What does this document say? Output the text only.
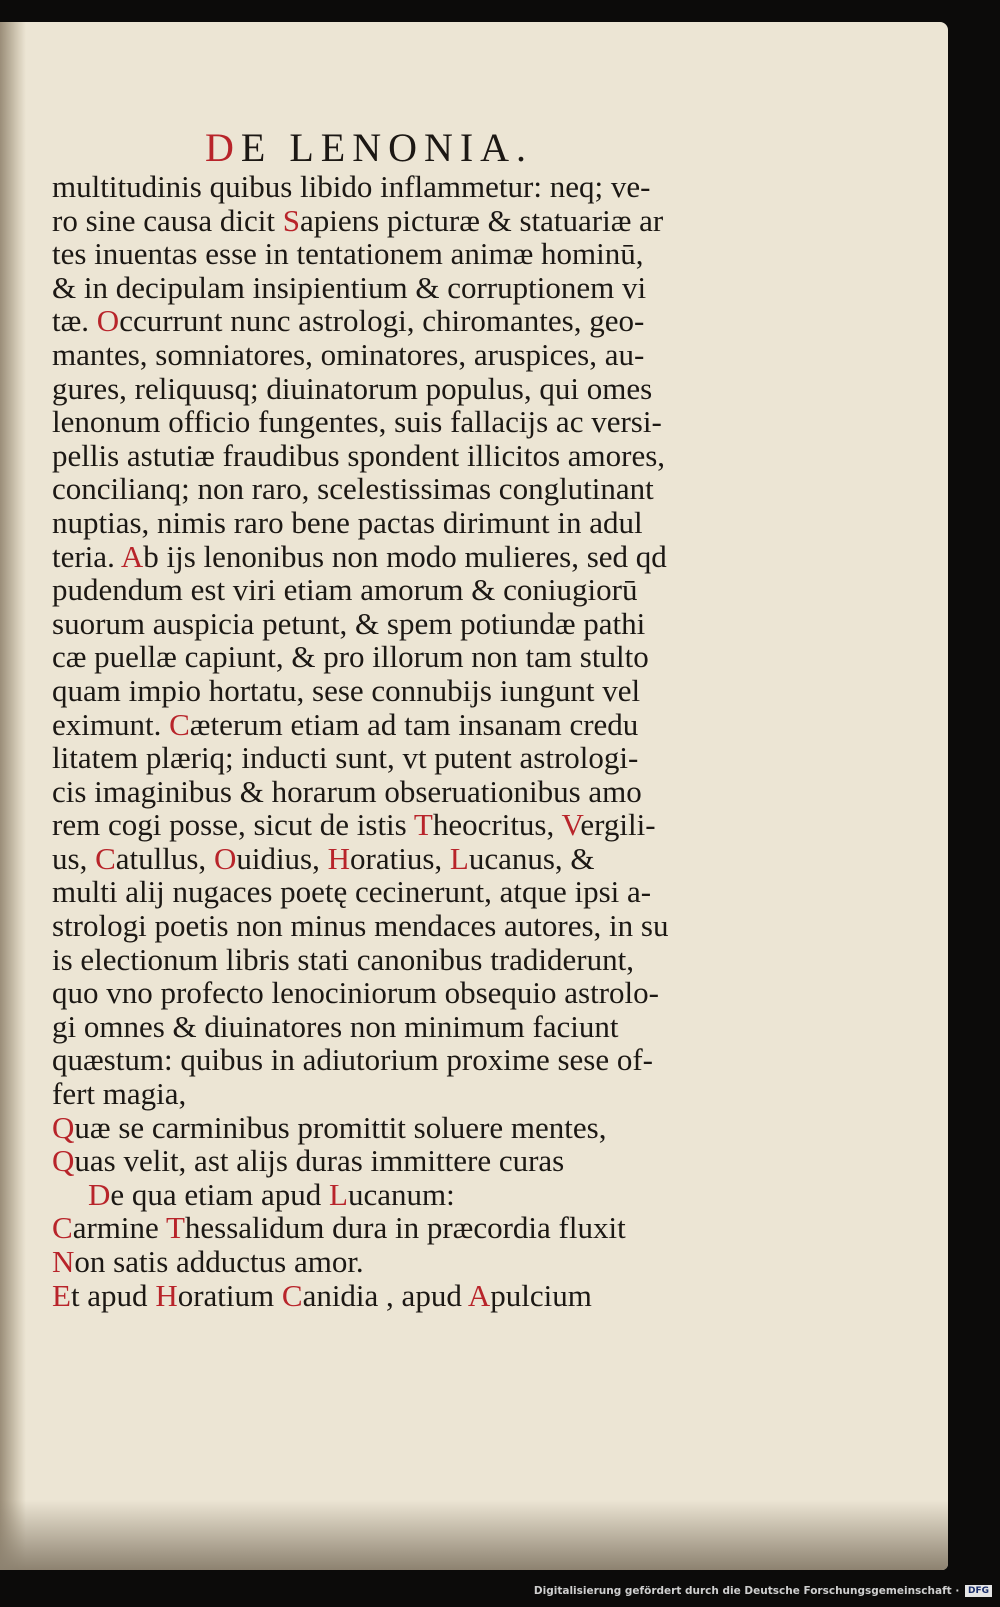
DE LENONIA.
multitudinis quibus libido inflammetur: neq; ve-
ro sine causa dicit Sapiens picturæ & statuariæ ar
tes inuentas esse in tentationem animæ hominū,
& in decipulam insipientium & corruptionem vi
tæ. Occurrunt nunc astrologi, chiromantes, geo-
mantes, somniatores, ominatores, aruspices, au-
gures, reliquusq; diuinatorum populus, qui omes
lenonum officio fungentes, suis fallacijs ac versi-
pellis astutiæ fraudibus spondent illicitos amores,
concilianq; non raro, scelestissimas conglutinant
nuptias, nimis raro bene pactas dirimunt in adul
teria. Ab ijs lenonibus non modo mulieres, sed qd
pudendum est viri etiam amorum & coniugiorū
suorum auspicia petunt, & spem potiundæ pathi
cæ puellæ capiunt, & pro illorum non tam stulto
quam impio hortatu, sese connubijs iungunt vel
eximunt. Cæterum etiam ad tam insanam credu
litatem plæriq; inducti sunt, vt putent astrologi-
cis imaginibus & horarum obseruationibus amo
rem cogi posse, sicut de istis Theocritus, Vergili-
us, Catullus, Ouidius, Horatius, Lucanus, &
multi alij nugaces poetę cecinerunt, atque ipsi a-
strologi poetis non minus mendaces autores, in su
is electionum libris stati canonibus tradiderunt,
quo vno profecto lenociniorum obsequio astrolo-
gi omnes & diuinatores non minimum faciunt
quæstum: quibus in adiutorium proxime sese of-
fert magia,
Quæ se carminibus promittit soluere mentes,
Quas velit, ast alijs duras immittere curas
De qua etiam apud Lucanum:
Carmine Thessalidum dura in præcordia fluxit
Non satis adductus amor.
Et apud Horatium Canidia , apud Apulcium
Digitalisierung gefördert durch die Deutsche Forschungsgemeinschaft · DFG
